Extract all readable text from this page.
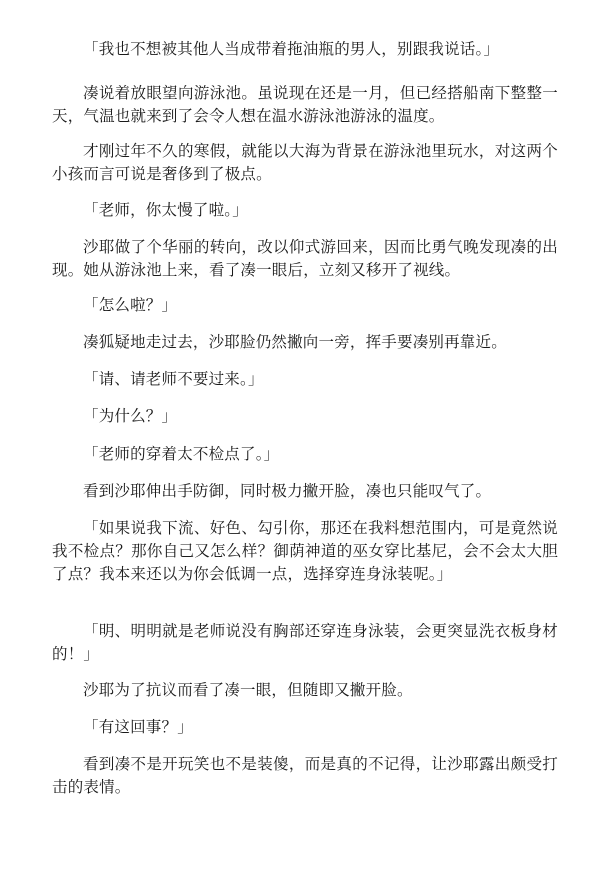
「我也不想被其他人当成带着拖油瓶的男人，别跟我说话。」

凑说着放眼望向游泳池。虽说现在还是一月，但已经搭船南下整整一天，气温也就来到了会令人想在温水游泳池游泳的温度。

才刚过年不久的寒假，就能以大海为背景在游泳池里玩水，对这两个小孩而言可说是奢侈到了极点。

「老师，你太慢了啦。」

沙耶做了个华丽的转向，改以仰式游回来，因而比勇气晚发现凑的出现。她从游泳池上来，看了凑一眼后，立刻又移开了视线。

「怎么啦？」

凑狐疑地走过去，沙耶脸仍然撇向一旁，挥手要凑别再靠近。

「请、请老师不要过来。」

「为什么？」

「老师的穿着太不检点了。」

看到沙耶伸出手防御，同时极力撇开脸，凑也只能叹气了。

「如果说我下流、好色、勾引你，那还在我料想范围内，可是竟然说我不检点？那你自己又怎么样？御荫神道的巫女穿比基尼，会不会太大胆了点？我本来还以为你会低调一点，选择穿连身泳装呢。」

「明、明明就是老师说没有胸部还穿连身泳装，会更突显洗衣板身材的！」

沙耶为了抗议而看了凑一眼，但随即又撇开脸。

「有这回事？」

看到凑不是开玩笑也不是装傻，而是真的不记得，让沙耶露出颇受打击的表情。
